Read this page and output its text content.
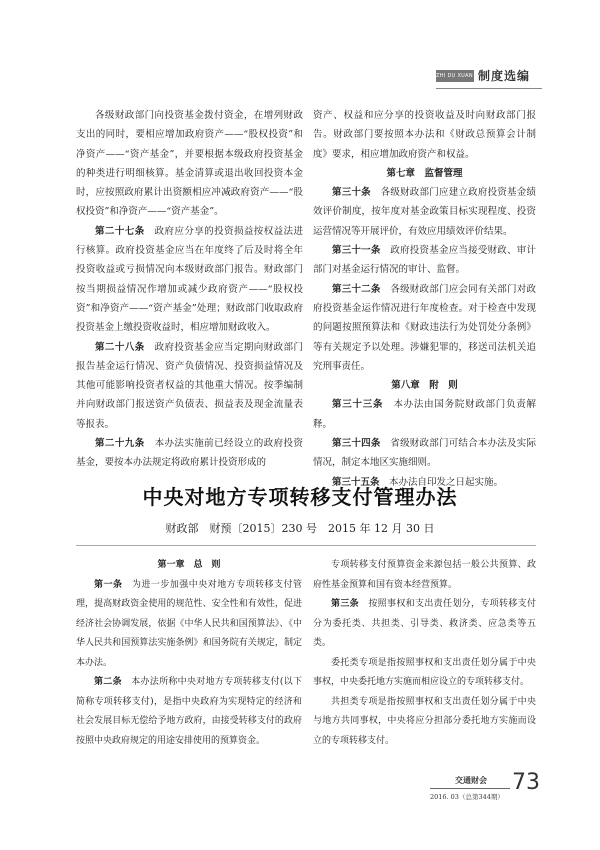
ZHI DU XUAN BIAN
制度选编

各级财政部门向投资基金拨付资金，在增列财政支出的同时，要相应增加政府资产——“股权投资”和净资产——“资产基金”，并要根据本级政府投资基金的种类进行明细核算。基金清算或退出收回投资本金时，应按照政府累计出资额相应冲减政府资产——“股权投资”和净资产——“资产基金”。

第二十七条　 政府应分享的投资损益按权益法进行核算。政府投资基金应当在年度终了后及时将全年投资收益或亏损情况向本级财政部门报告。财政部门按当期损益情况作增加或减少政府资产——“股权投资”和净资产——“资产基金”处理；财政部门收取政府投资基金上缴投资收益时，相应增加财政收入。

第二十八条　 政府投资基金应当定期向财政部门报告基金运行情况、资产负债情况、投资损益情况及其他可能影响投资者权益的其他重大情况。按季编制并向财政部门报送资产负债表、损益表及现金流量表等报表。

第二十九条　 本办法实施前已经设立的政府投资基金，要按本办法规定将政府累计投资形成的

资产、权益和应分享的投资收益及时向财政部门报告。财政部门要按照本办法和《财政总预算会计制度》要求，相应增加政府资产和权益。

第七章　监督管理

第三十条　 各级财政部门应建立政府投资基金绩效评价制度，按年度对基金政策目标实现程度、投资运营情况等开展评价，有效应用绩效评价结果。

第三十一条　 政府投资基金应当接受财政、审计部门对基金运行情况的审计、监督。

第三十二条　 各级财政部门应会同有关部门对政府投资基金运作情况进行年度检查。对于检查中发现的问题按照预算法和《财政违法行为处罚处分条例》等有关规定予以处理。涉嫌犯罪的，移送司法机关追究刑事责任。

第八章　附　则

第三十三条　 本办法由国务院财政部门负责解释。

第三十四条　 省级财政部门可结合本办法及实际情况，制定本地区实施细则。

第三十五条　 本办法自印发之日起实施。

中央对地方专项转移支付管理办法
财政部　财预〔2015〕230 号　2015 年 12 月 30 日

第一章　总　则

第一条　 为进一步加强中央对地方专项转移支付管理，提高财政资金使用的规范性、安全性和有效性，促进经济社会协调发展，依据《中华人民共和国预算法》、《中华人民共和国预算法实施条例》和国务院有关规定，制定本办法。

第二条　 本办法所称中央对地方专项转移支付(以下简称专项转移支付)，是指中央政府为实现特定的经济和社会发展目标无偿给予地方政府，由接受转移支付的政府按照中央政府规定的用途安排使用的预算资金。

专项转移支付预算资金来源包括一般公共预算、政府性基金预算和国有资本经营预算。

第三条　 按照事权和支出责任划分，专项转移支付分为委托类、共担类、引导类、救济类、应急类等五类。

委托类专项是指按照事权和支出责任划分属于中央事权，中央委托地方实施而相应设立的专项转移支付。

共担类专项是指按照事权和支出责任划分属于中央与地方共同事权，中央将应分担部分委托地方实施而设立的专项转移支付。

交通财会
2016. 03（总第344期）
73
